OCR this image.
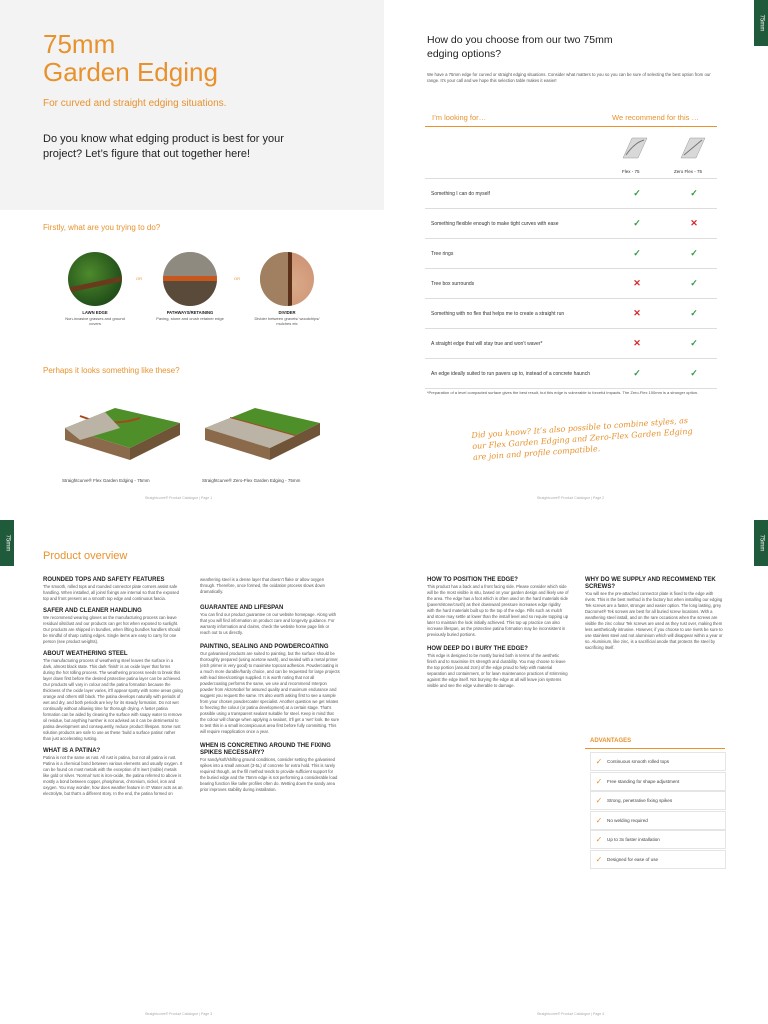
75mm
Garden Edging
For curved and straight edging situations.
Do you know what edging product is best for your project? Let’s figure that out together here!
Firstly, what are you trying to do?
OR	OR
LAWN EDGE
Non-invasive grasses and ground covers
PATHWAYS/RETAINING
Paving, stone and crush retainer edge
DIVIDER
Divider between gravels/ woodchips/ mulches etc
Perhaps it looks something like these?
Straightcurve® Flex Garden Edging - 75mm	Straightcurve® Zero-Flex Garden Edging - 75mm
Straightcurve® Product Catalogue | Page 1
75mm
How do you choose from our two 75mm edging options?
We have a 75mm edge for curved or straight edging situations. Consider what matters to you so you can be sure of selecting the best option from our range. It’s your call and we hope this selection table makes it easier!
I’m looking for…	We recommend for this …
Flex - 75	Zero Flex - 75
Something I can do myself	✓	✓
Something flexible enough to make tight curves with ease	✓	✕
Tree rings	✓	✓
Tree box surrounds	✕	✓
Something with no flex that helps me to create a straight run	✕	✓
A straight edge that will stay true and won’t waver*	✕	✓
An edge ideally suited to run pavers up to, instead of a concrete haunch	✓	✓
*Preparation of a level compacted surface gives the best result, but this edge is vulnerable to forceful impacts. The Zero-Flex 100mm is a stronger option.
Did you know? It’s also possible to combine styles, as our Flex Garden Edging and Zero-Flex Garden Edging are join and profile compatible.
Straightcurve® Product Catalogue | Page 2
75mm
Product overview
ROUNDED TOPS AND SAFETY FEATURES
The smooth, rolled tops and rounded connector plate corners assist safe handling. When installed, all joins/ fixings are internal so that the exposed top and front present as a smooth top edge and continuous fascia.
SAFER AND CLEANER HANDLING
We recommend wearing gloves as the manufacturing process can leave residual oils/dust and our products can get hot when exposed to sunlight. Our products are shipped in bundles, when lifting bundles handlers should be mindful of sharp cutting edges. Single items are easy to carry for one person (see product weights).
ABOUT WEATHERING STEEL
The manufacturing process of weathering steel leaves the surface in a dark, almost black state. This dark ‘finish’ is an oxide layer that forms during the hot rolling process. The weathering process needs to break this layer down first before the desired protective patina layer can be achieved. Our products will vary in colour and the patina formation because the thickness of the oxide layer varies, it’ll appear spotty with some areas going orange and others still black. The patina develops naturally with periods of wet and dry, and both periods are key for its steady formation. Do not wet continually without allowing time for thorough drying. A faster patina formation can be aided by cleaning the surface with soapy water to remove oil residue, but anything harsher is not advised as it can be detrimental to patina development and consequently, reduce product lifespan. Some rust solution products are safe to use as these ‘build a surface patina’ rather than just accelerating rusting.
WHAT IS A PATINA?
Patina is not the same as rust. All rust is patina, but not all patina is rust. Patina is a chemical bond between various elements and usually oxygen. It can be found on most metals with the exception of 8 inert (noble) metals like gold or silver. ‘Normal’ rust is iron-oxide, the patina referred to above is mostly a bond between copper, phosphorus, chromium, nickel, iron and oxygen. You may wonder, how does weather feature in it? Water acts as an electrolyte, but that’s a different story. In the end, the patina formed on
weathering steel is a dense layer that doesn’t flake or allow oxygen through. Therefore, once formed, the oxidation process slows down dramatically.
GUARANTEE AND LIFESPAN
You can find our product guarantee on our website homepage. Along with that you will find information on product care and longevity guidance. For warranty information and claims, check the website home page link or reach out to us directly.
PAINTING, SEALING AND POWDERCOATING
Our galvanised products are suited to painting, but the surface should be thoroughly prepared (using acetone wash), and sealed with a metal primer (etch primer is very good) to maximise topcoat adhesion. Powdercoating is a much more durable/hardy choice, and can be requested for large projects with lead times/costings supplied. It is worth noting that not all powdercoating performs the same, we use and recommend Interpon powder from AkzoNobel for assured quality and maximum endurance and suggest you request the same. It’s also worth asking first to see a sample from your chosen powdercoater specialist. Another question we get relates to freezing the colour (or patina development) at a certain stage. That’s possible using a transparent sealant suitable for steel. Keep in mind that the colour will change when applying a sealant, it’ll get a ‘wet’ look. Be sure to test this in a small inconspicuous area first before fully committing. This will require reapplication once a year.
WHEN IS CONCRETING AROUND THE FIXING SPIKES NECESSARY?
For sandy/soft/shifting ground conditions, consider setting the galvanised spikes into a small amount (3-5L) of concrete for extra hold. This is rarely required though, as the fill method tends to provide sufficient support for the buried edge and the 75mm edge is not performing a considerable load bearing function like taller profiles often do. Wetting down the sandy area prior improves stability during installation.
Straightcurve® Product Catalogue | Page 3
75mm
HOW TO POSITION THE EDGE?
This product has a back and a front facing side. Please consider which side will be the most visible in situ, based on your garden design and likely use of the area. The edge has a foot which is often used on the hard materials side (pavers/stone/crush) as their downward pressure increases edge rigidity with the hard materials built up to the top of the edge. Fills such as mulch and stone may settle at lower than the install level and so require topping up later to maintain the look initially achieved. This top up practice can also increase lifespan, as the protective patina formation may be inconsistent in previously buried portions.
HOW DEEP DO I BURY THE EDGE?
This edge is designed to be mostly buried both in terms of the aesthetic finish and to maximise it’s strength and durability. You may choose to leave the top portion (around 2cm) of the edge proud to help with material separation and containment, or for lawn maintenance practices of strimming against the edge itself. Not burying the edge at all will leave join systems visible and see the edge vulnerable to damage.
WHY DO WE SUPPLY AND RECOMMEND TEK SCREWS?
You will see the pre-attached connector plate is fixed to the edge with rivets. This is the best method in the factory but when installing our edging Tek screws are a faster, stronger and easier option. The long lasting, grey Dacromet® Tek screws are best for all buried screw locations. With a weathering steel install, and on the rare occasions when the screws are visible the zinc colour Tek screws are used as they rust over, making them less aesthetically intrusive. However, if you choose to use rivets be sure to use stainless steel and not aluminium which will disappear within a year or so. Aluminium, like zinc, is a sacrificial anode that protects the steel by sacrificing itself.
ADVANTAGES
✓	Continuous smooth rolled tops
✓	Free standing for shape adjustment
✓	Strong, penetrative fixing spikes
✓	No welding required
✓	Up to 3x faster installation
✓	Designed for ease of use
Straightcurve® Product Catalogue | Page 4
